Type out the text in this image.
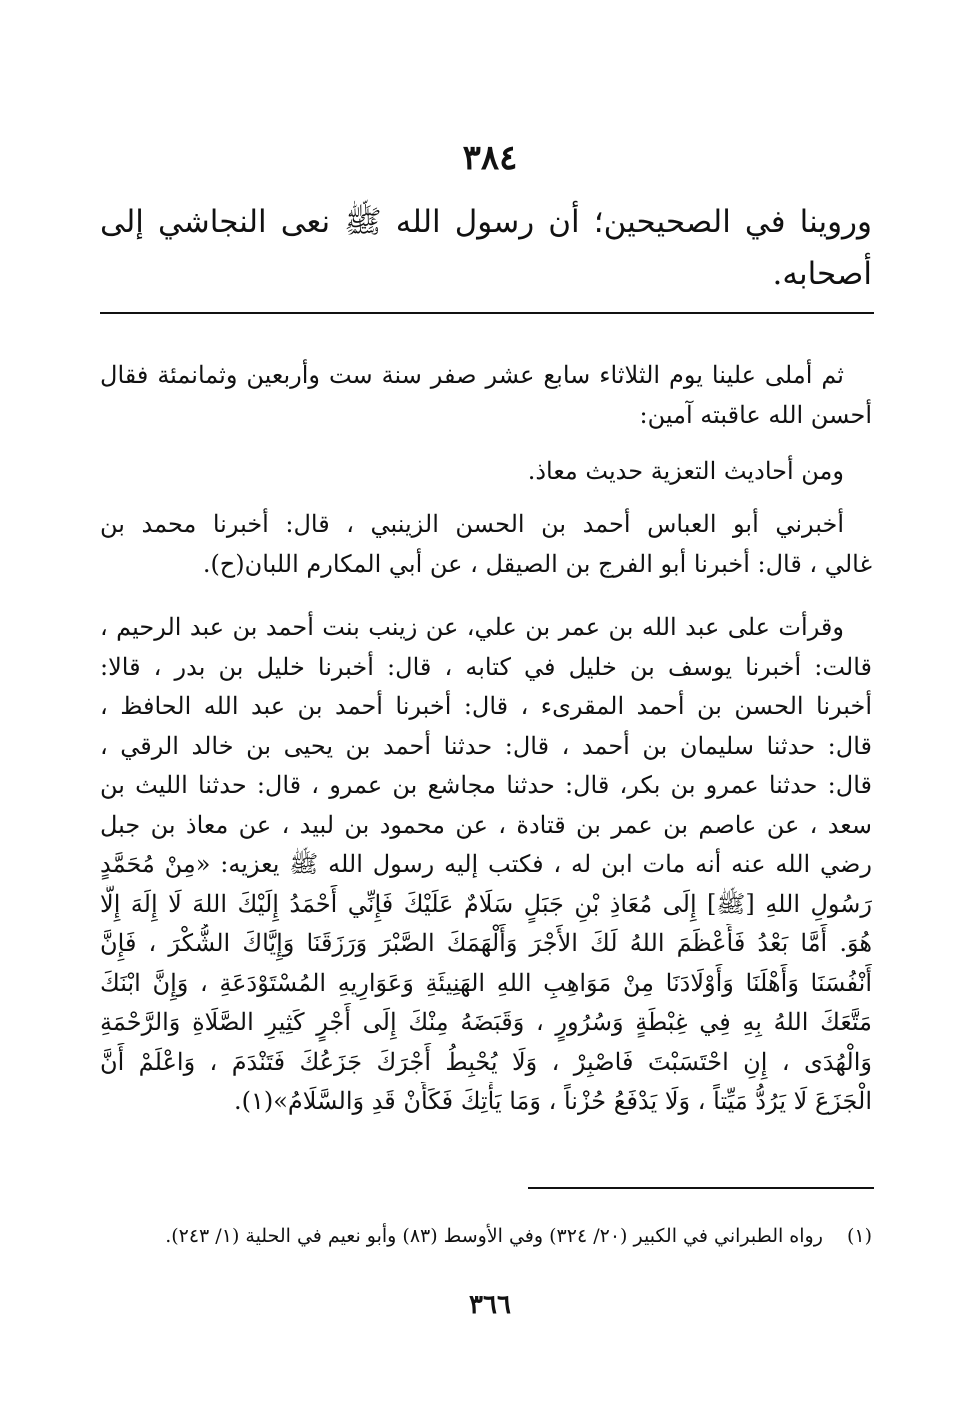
٣٨٤
وروينا في الصحيحين؛ أن رسول الله ﷺ نعى النجاشي إلى
أصحابه.
ثم أملى علينا يوم الثلاثاء سابع عشر صفر سنة ست وأربعين وثمانمئة فقال
أحسن الله عاقبته آمين:
ومن أحاديث التعزية حديث معاذ.
أخبرني أبو العباس أحمد بن الحسن الزينبي ، قال: أخبرنا محمد بن
غالي ، قال: أخبرنا أبو الفرج بن الصيقل ، عن أبي المكارم اللبان(ح).
وقرأت على عبد الله بن عمر بن علي، عن زينب بنت أحمد بن عبد الرحيم ،
قالت: أخبرنا يوسف بن خليل في كتابه ، قال: أخبرنا خليل بن بدر ، قالا:
أخبرنا الحسن بن أحمد المقرىء ، قال: أخبرنا أحمد بن عبد الله الحافظ ،
قال: حدثنا سليمان بن أحمد ، قال: حدثنا أحمد بن يحيى بن خالد الرقي ،
قال: حدثنا عمرو بن بكر، قال: حدثنا مجاشع بن عمرو ، قال: حدثنا الليث بن
سعد ، عن عاصم بن عمر بن قتادة ، عن محمود بن لبيد ، عن معاذ بن جبل
رضي الله عنه أنه مات ابن له ، فكتب إليه رسول الله ﷺ يعزيه: «مِنْ مُحَمَّدٍ
رَسُولِ اللهِ [ﷺ] إِلَى مُعَاذِ بْنِ جَبَلٍ سَلَامٌ عَلَيْكَ فَإِنِّي أَحْمَدُ إِلَيْكَ اللهَ لَا إِلَهَ إِلَّا
هُوَ. أَمَّا بَعْدُ فَأَعْظَمَ اللهُ لَكَ الأَجْرَ وَأَلْهَمَكَ الصَّبْرَ وَرَزَقَنَا وَإِيَّاكَ الشُّكْرَ ، فَإِنَّ
أَنْفُسَنَا وَأَهْلَنَا وَأَوْلَادَنَا مِنْ مَوَاهِبِ اللهِ الهَنِيئَةِ وَعَوَارِيهِ المُسْتَوْدَعَةِ ، وَإِنَّ ابْنَكَ
مَتَّعَكَ اللهُ بِهِ فِي غِبْطَةٍ وَسُرُورٍ ، وَقَبَضَهُ مِنْكَ إِلَى أَجْرٍ كَثِيرِ الصَّلَاةِ وَالرَّحْمَةِ
وَالْهُدَى ، إِنِ احْتَسَبْتَ فَاصْبِرْ ، وَلَا يُحْبِطُ أَجْرَكَ جَزَعُكَ فَتَنْدَمَ ، وَاعْلَمْ أَنَّ
الْجَزَعَ لَا يَرُدُّ مَيِّتاً ، وَلَا يَدْفَعُ حُزْناً ، وَمَا يَأْتِكَ فَكَأَنْ قَدِ وَالسَّلَامُ»(١).
(١) رواه الطبراني في الكبير (٢٠/ ٣٢٤) وفي الأوسط (٨٣) وأبو نعيم في الحلية (١/ ٢٤٣).
٣٦٦
